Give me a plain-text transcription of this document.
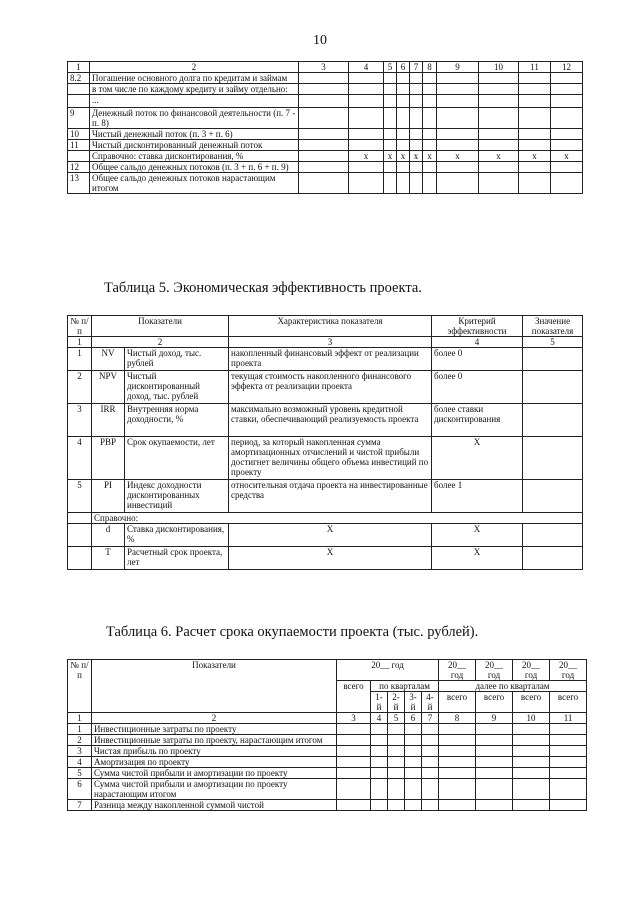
10
1	2	3	4	5	6	7	8	9	10	11	12
8.2	Погашение основного долга по кредитам и займам										
	в том числе по каждому кредиту и займу отдельно:										
	...										
9	Денежный поток по финансовой деятельности (п. 7 - п. 8)										
10	Чистый денежный поток (п. 3 + п. 6)										
11	Чистый дисконтированный денежный поток										
	Справочно: ставка дисконтирования, %		х	х	х	х	х	х	х	х	х
12	Общее сальдо денежных потоков (п. 3 + п. 6 + п. 9)										
13	Общее сальдо денежных потоков нарастающим итогом										
Таблица 5. Экономическая эффективность проекта.
№ п/п	Показатели		Характеристика показателя	Критерий эффективности	Значение показателя
1	2		3	4	5
1	NV	Чистый доход, тыс. рублей	накопленный финансовый эффект от реализации проекта	более 0	
2	NPV	Чистый дисконтированный доход, тыс. рублей	текущая стоимость накопленного финансового эффекта от реализации проекта	более 0	
3	IRR	Внутренняя норма доходности, %	максимально возможный уровень кредитной ставки, обеспечивающий реализуемость проекта	более ставки дисконтирования	
4	PBP	Срок окупаемости, лет	период, за который накопленная сумма амортизационных отчислений и чистой прибыли достигнет величины общего объема инвестиций по проекту	Х	
5	PI	Индекс доходности дисконтированных инвестиций	относительная отдача проекта на инвестированные средства	более 1	
	Справочно:				
	d	Ставка дисконтирования, %	Х	Х	
	T	Расчетный срок проекта, лет	Х	Х	
Таблица 6. Расчет срока окупаемости проекта (тыс. рублей).
№ п/п	Показатели	20__ год					20__ год	20__ год	20__ год	20__ год
		всего	по кварталам				далее по кварталам			
			1-й	2-й	3-й	4-й	всего	всего	всего	всего
1	2	3	4	5	6	7	8	9	10	11
1	Инвестиционные затраты по проекту									
2	Инвестиционные затраты по проекту, нарастающим итогом									
3	Чистая прибыль по проекту									
4	Амортизация по проекту									
5	Сумма чистой прибыли и амортизации по проекту									
6	Сумма чистой прибыли и амортизации по проекту нарастающим итогом									
7	Разница между накопленной суммой чистой									
